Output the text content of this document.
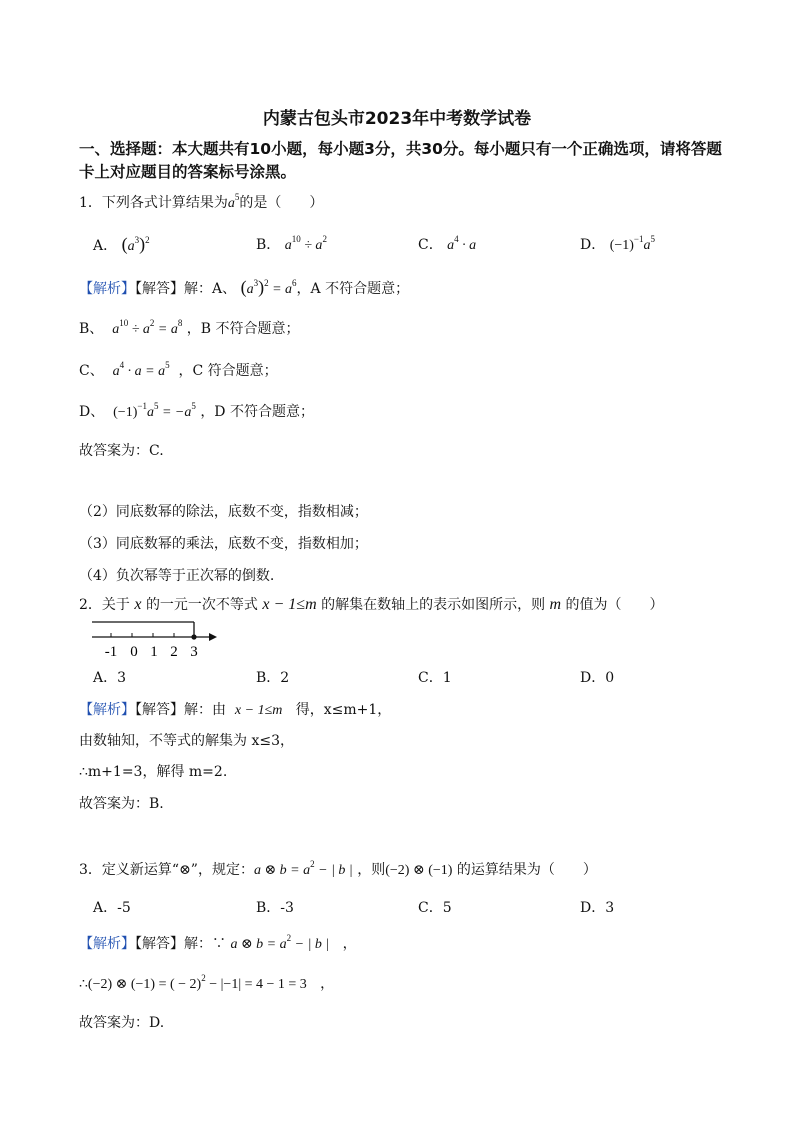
内蒙古包头市2023年中考数学试卷
一、选择题：本大题共有10小题，每小题3分，共30分。每小题只有一个正确选项，请将答题
卡上对应题目的答案标号涂黑。
1．下列各式计算结果为$a^5$的是（　　）
A． $(a^3)^2$	B． $a^{10} \div a^2$	C． $a^4 \cdot a$	D． $(-1)^{-1}a^5$
【解析】【解答】解：A、 $(a^3)^2 = a^6$，A 不符合题意；
B、 $a^{10} \div a^2 = a^8$ ，B 不符合题意；
C、 $a^4 \cdot a = a^5$ ，C 符合题意；
D、 $(-1)^{-1}a^5 = -a^5$ ，D 不符合题意；
故答案为：C.
（2）同底数幂的除法，底数不变，指数相减；
（3）同底数幂的乘法，底数不变，指数相加；
（4）负次幂等于正次幂的倒数.
2．关于 x 的一元一次不等式 x − 1≤m 的解集在数轴上的表示如图所示，则 m 的值为（　　）
-1 0 1 2 3
A．3	B．2	C．1	D．0
【解析】【解答】解：由 x − 1≤m 得，x≤m+1，
由数轴知，不等式的解集为 x≤3，
∴m+1=3，解得 m=2.
故答案为：B.
3．定义新运算“⊗”，规定：a ⊗ $b = a^2$ − | b | ，则(−2) ⊗ (−1) 的运算结果为（　　）
A．-5	B．-3	C．5	D．3
【解析】【解答】解：∵ a ⊗ $b = a^2$ − | b | ，
∴(−2) ⊗ (−1) = ( − 2)$^2$ − |−1| = 4 − 1 = 3 ，
故答案为：D.
